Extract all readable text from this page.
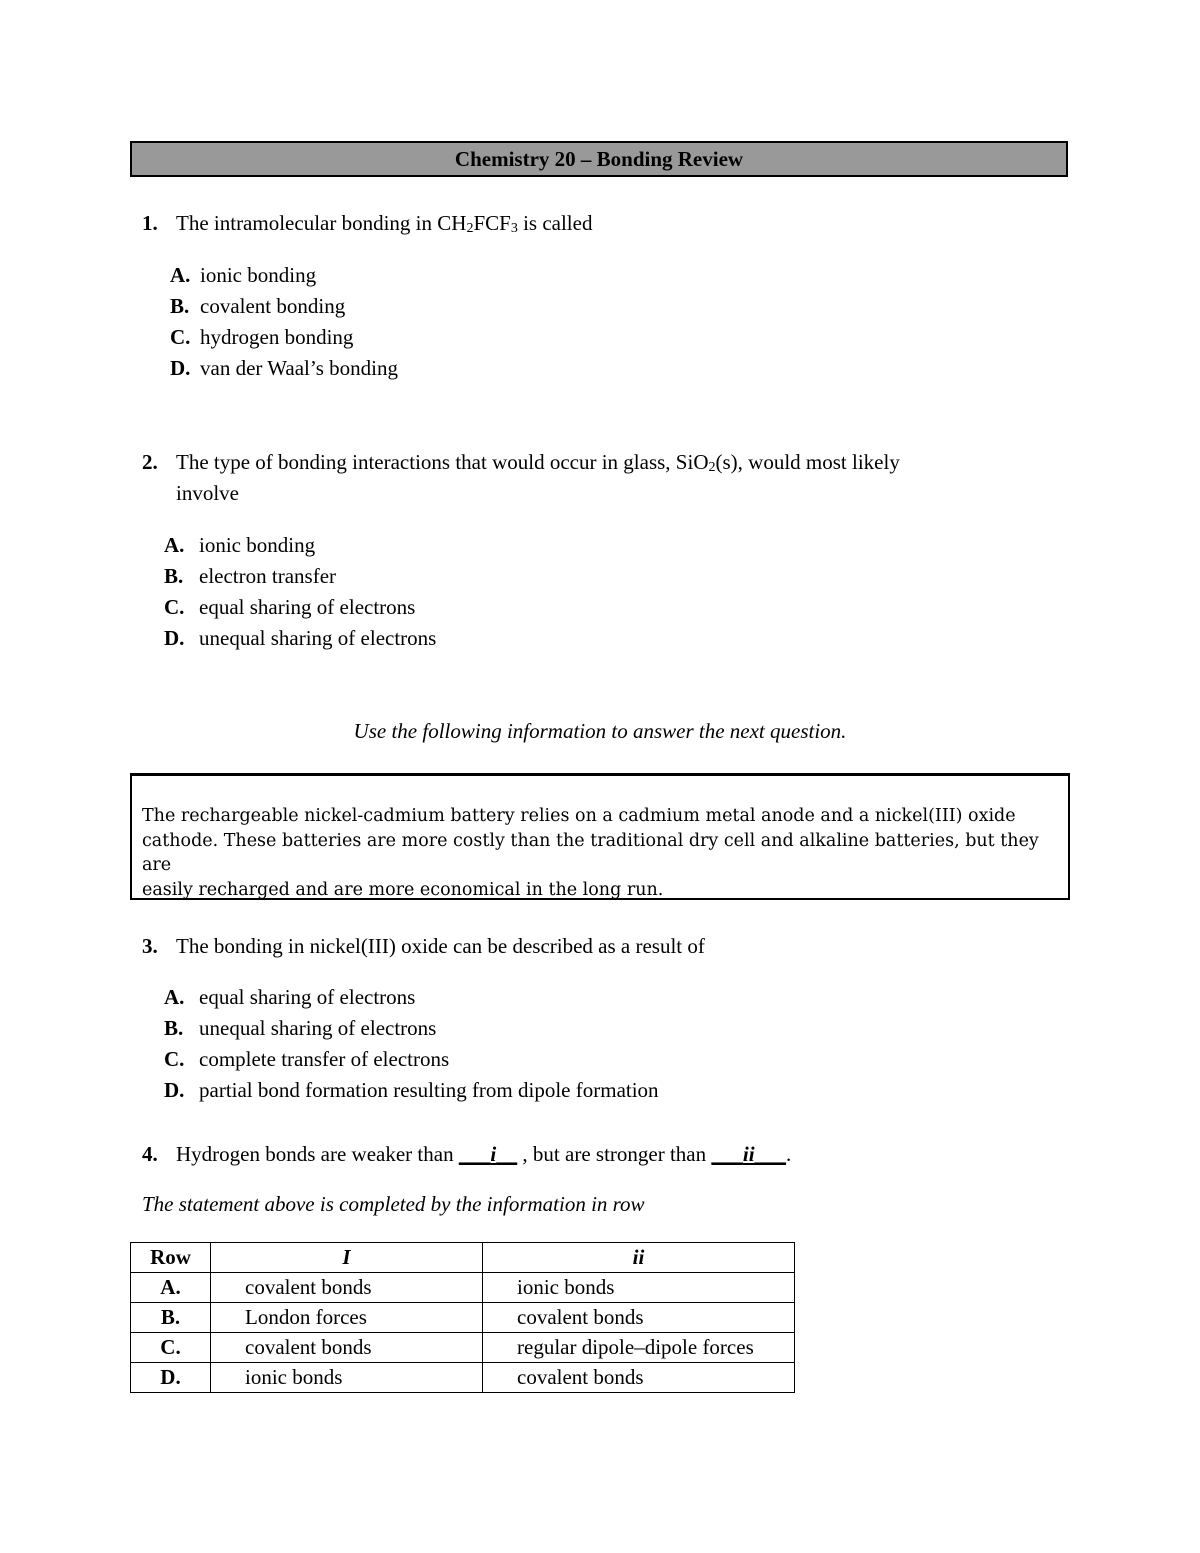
Chemistry 20 – Bonding Review
1. The intramolecular bonding in $CH_2FCF_3$ is called
A. ionic bonding
B. covalent bonding
C. hydrogen bonding
D. van der Waal’s bonding
2. The type of bonding interactions that would occur in glass, SiO$_2$(s), would most likely
involve
A. ionic bonding
B. electron transfer
C. equal sharing of electrons
D. unequal sharing of electrons
Use the following information to answer the next question.
The rechargeable nickel-cadmium battery relies on a cadmium metal anode and a nickel(III) oxide
cathode. These batteries are more costly than the traditional dry cell and alkaline batteries, but they are
easily recharged and are more economical in the long run.
3. The bonding in nickel(III) oxide can be described as a result of
A. equal sharing of electrons
B. unequal sharing of electrons
C. complete transfer of electrons
D. partial bond formation resulting from dipole formation
4. Hydrogen bonds are weaker than ___i__ , but are stronger than ___ii___.
The statement above is completed by the information in row
Row	I	ii
A.	covalent bonds	ionic bonds
B.	London forces	covalent bonds
C.	covalent bonds	regular dipole–dipole forces
D.	ionic bonds	covalent bonds
